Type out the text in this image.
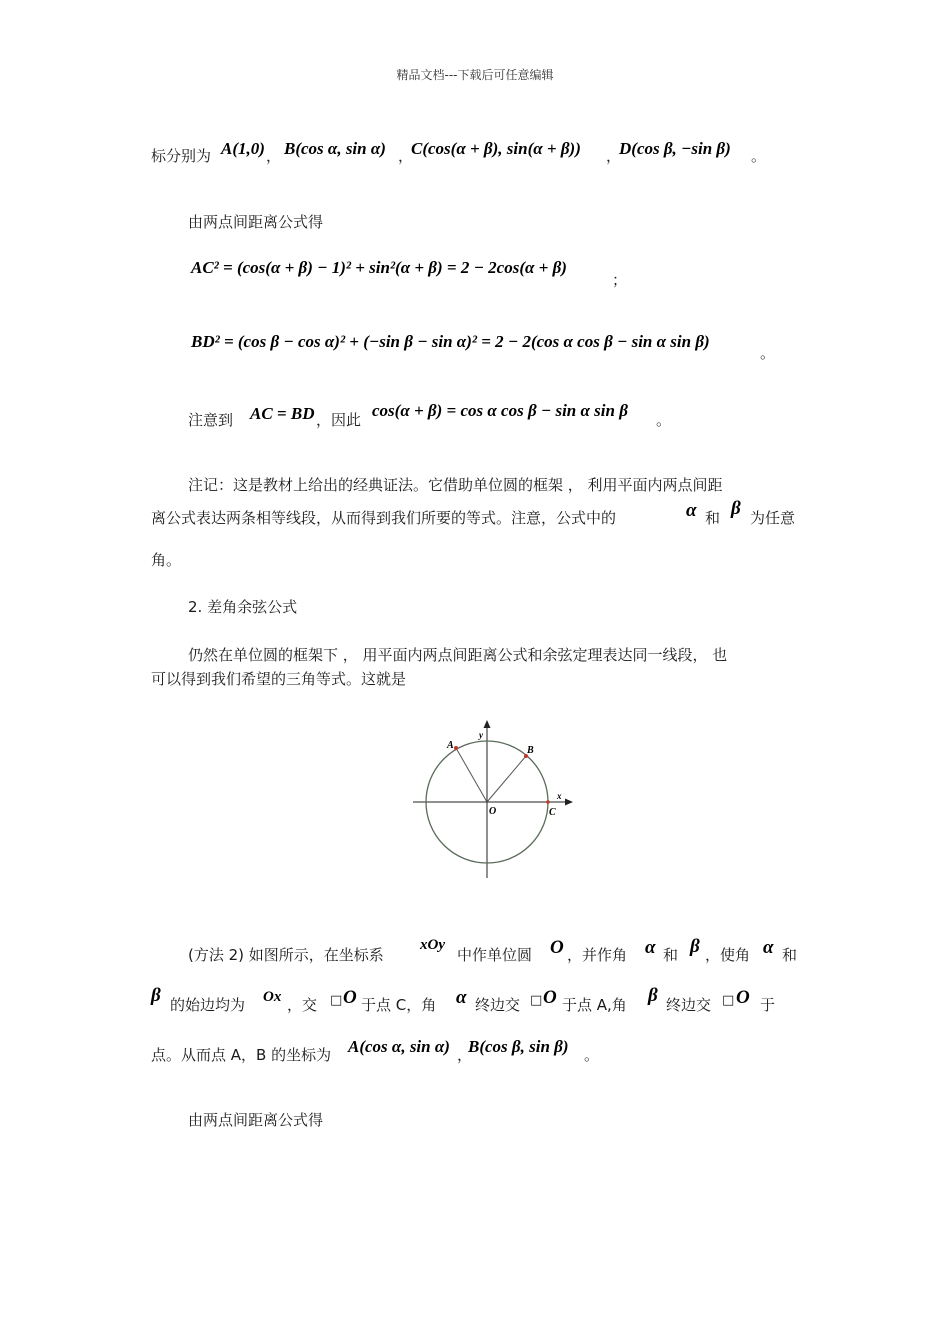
精品文档---下载后可任意编辑
标分别为 A(1,0) ， B(cos α, sin α) ，
C(cos(α + β), sin(α + β)) ，
D(cos β, −sin β) 。
由两点间距离公式得
AC² = (cos(α + β) − 1)² + sin²(α + β) = 2 − 2cos(α + β)
；
BD² = (cos β − cos α)² + (−sin β − sin α)² = 2 − 2(cos α cos β − sin α sin β)
。
注意到 AC = BD ，因此 cos(α + β) = cos α cos β − sin α sin β 。
注记：这是教材上给出的经典证法。它借助单位圆的框架 ， 利用平面内两点间距
离公式表达两条相等线段，从而得到我们所要的等式。注意，公式中的	α 和 β 为任意
角。
2. 差角余弦公式
仍然在单位圆的框架下 ， 用平面内两点间距离公式和余弦定理表达同一线段， 也
可以得到我们希望的三角等式。这就是
y
x
O
A	B
C
(方法 2) 如图所示，在坐标系
xOy
中作单位圆 O ，并作角 α 和 β ，使角 α 和
β 的始边均为 Ox ，交 □ O 于点 C，角 α 终边交 □ O 于点 A,角 β 终边交 □ O 于
点。从而点 A，B 的坐标为 A(cos α, sin α) ，
B(cos β, sin β) 。
由两点间距离公式得
